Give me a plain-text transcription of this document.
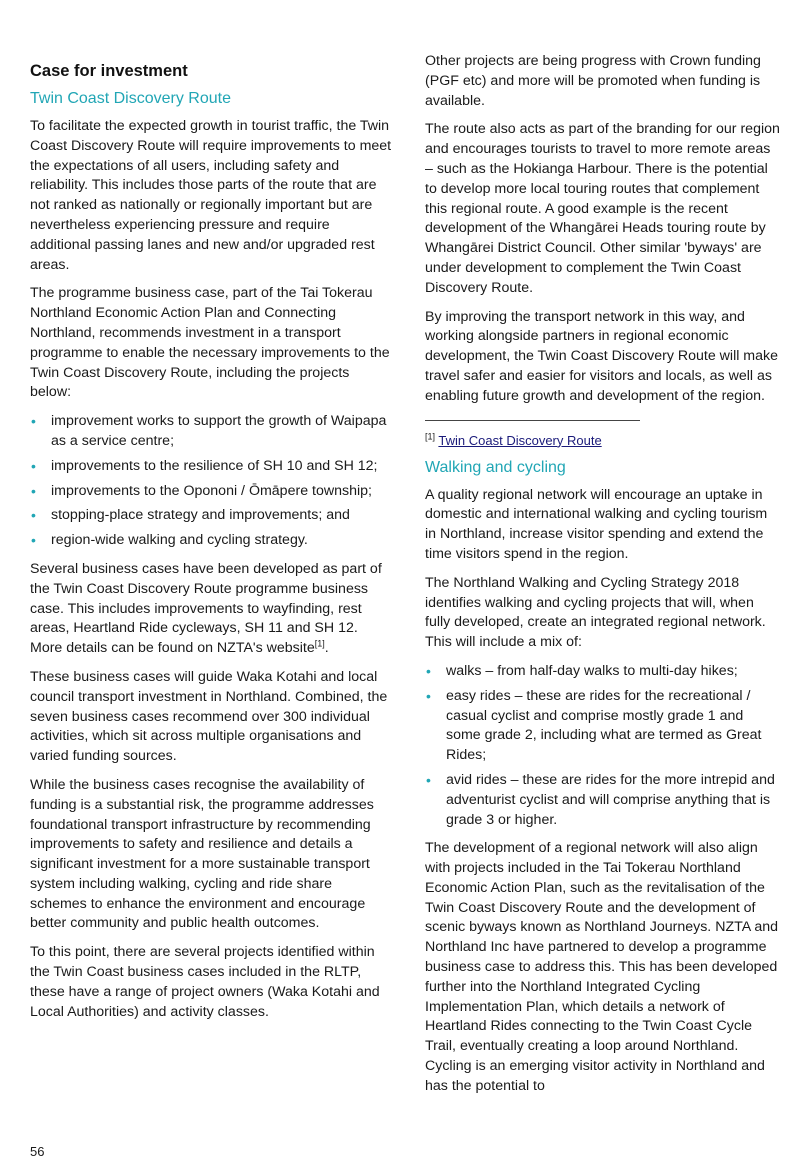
Case for investment
Twin Coast Discovery Route

To facilitate the expected growth in tourist traffic, the Twin Coast Discovery Route will require improvements to meet the expectations of all users, including safety and reliability. This includes those parts of the route that are not ranked as nationally or regionally important but are nevertheless experiencing pressure and require additional passing lanes and new and/or upgraded rest areas.

The programme business case, part of the Tai Tokerau Northland Economic Action Plan and Connecting Northland, recommends investment in a transport programme to enable the necessary improvements to the Twin Coast Discovery Route, including the projects below:

• improvement works to support the growth of Waipapa as a service centre;
• improvements to the resilience of SH 10 and SH 12;
• improvements to the Opononi / Ōmāpere township;
• stopping-place strategy and improvements; and
• region-wide walking and cycling strategy.

Several business cases have been developed as part of the Twin Coast Discovery Route programme business case. This includes improvements to wayfinding, rest areas, Heartland Ride cycleways, SH 11 and SH 12. More details can be found on NZTA's website[1].

These business cases will guide Waka Kotahi and local council transport investment in Northland. Combined, the seven business cases recommend over 300 individual activities, which sit across multiple organisations and varied funding sources.

While the business cases recognise the availability of funding is a substantial risk, the programme addresses foundational transport infrastructure by recommending improvements to safety and resilience and details a significant investment for a more sustainable transport system including walking, cycling and ride share schemes to enhance the environment and encourage better community and public health outcomes.

To this point, there are several projects identified within the Twin Coast business cases included in the RLTP, these have a range of project owners (Waka Kotahi and Local Authorities) and activity classes.

Other projects are being progress with Crown funding (PGF etc) and more will be promoted when funding is available.

The route also acts as part of the branding for our region and encourages tourists to travel to more remote areas – such as the Hokianga Harbour. There is the potential to develop more local touring routes that complement this regional route. A good example is the recent development of the Whangārei Heads touring route by Whangārei District Council. Other similar 'byways' are under development to complement the Twin Coast Discovery Route.

By improving the transport network in this way, and working alongside partners in regional economic development, the Twin Coast Discovery Route will make travel safer and easier for visitors and locals, as well as enabling future growth and development of the region.

[1] Twin Coast Discovery Route
Walking and cycling

A quality regional network will encourage an uptake in domestic and international walking and cycling tourism in Northland, increase visitor spending and extend the time visitors spend in the region.

The Northland Walking and Cycling Strategy 2018 identifies walking and cycling projects that will, when fully developed, create an integrated regional network. This will include a mix of:

• walks – from half-day walks to multi-day hikes;
• easy rides – these are rides for the recreational / casual cyclist and comprise mostly grade 1 and some grade 2, including what are termed as Great Rides;
• avid rides – these are rides for the more intrepid and adventurist cyclist and will comprise anything that is grade 3 or higher.

The development of a regional network will also align with projects included in the Tai Tokerau Northland Economic Action Plan, such as the revitalisation of the Twin Coast Discovery Route and the development of scenic byways known as Northland Journeys. NZTA and Northland Inc have partnered to develop a programme business case to address this. This has been developed further into the Northland Integrated Cycling Implementation Plan, which details a network of Heartland Rides connecting to the Twin Coast Cycle Trail, eventually creating a loop around Northland. Cycling is an emerging visitor activity in Northland and has the potential to

56
